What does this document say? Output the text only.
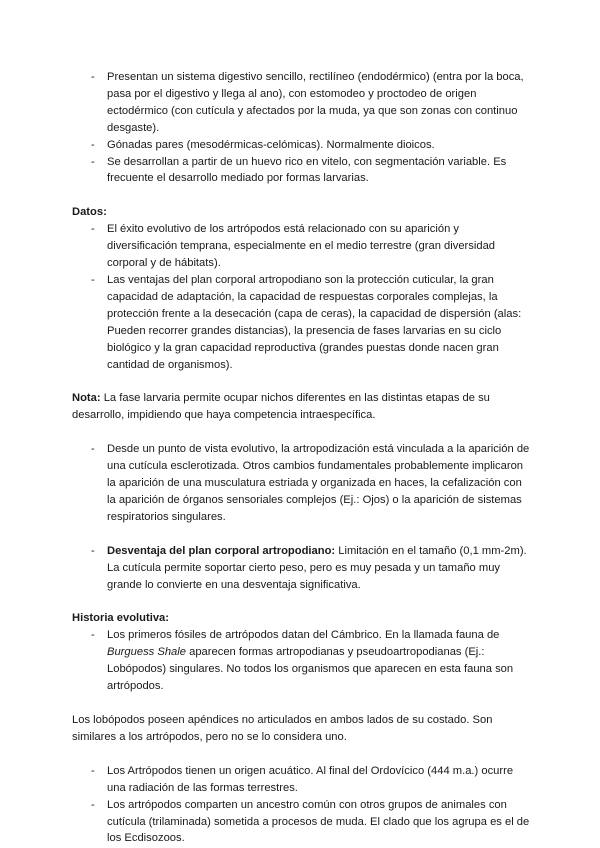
- Presentan un sistema digestivo sencillo, rectilíneo (endodérmico) (entra por la boca, pasa por el digestivo y llega al ano), con estomodeo y proctodeo de origen ectodérmico (con cutícula y afectados por la muda, ya que son zonas con continuo desgaste).
- Gónadas pares (mesodérmicas-celómicas). Normalmente dioicos.
- Se desarrollan a partir de un huevo rico en vitelo, con segmentación variable. Es frecuente el desarrollo mediado por formas larvarias.

Datos:

- El éxito evolutivo de los artrópodos está relacionado con su aparición y diversificación temprana, especialmente en el medio terrestre (gran diversidad corporal y de hábitats).
- Las ventajas del plan corporal artropodiano son la protección cuticular, la gran capacidad de adaptación, la capacidad de respuestas corporales complejas, la protección frente a la desecación (capa de ceras), la capacidad de dispersión (alas: Pueden recorrer grandes distancias), la presencia de fases larvarias en su ciclo biológico y la gran capacidad reproductiva (grandes puestas donde nacen gran cantidad de organismos).

Nota: La fase larvaria permite ocupar nichos diferentes en las distintas etapas de su desarrollo, impidiendo que haya competencia intraespecífica.

- Desde un punto de vista evolutivo, la artropodización está vinculada a la aparición de una cutícula esclerotizada. Otros cambios fundamentales probablemente implicaron la aparición de una musculatura estriada y organizada en haces, la cefalización con la aparición de órganos sensoriales complejos (Ej.: Ojos) o la aparición de sistemas respiratorios singulares.
- Desventaja del plan corporal artropodiano: Limitación en el tamaño (0,1 mm-2m). La cutícula permite soportar cierto peso, pero es muy pesada y un tamaño muy grande lo convierte en una desventaja significativa.

Historia evolutiva:

- Los primeros fósiles de artrópodos datan del Cámbrico. En la llamada fauna de Burguess Shale aparecen formas artropodianas y pseudoartropodianas (Ej.: Lobópodos) singulares. No todos los organismos que aparecen en esta fauna son artrópodos.

Los lobópodos poseen apéndices no articulados en ambos lados de su costado. Son similares a los artrópodos, pero no se lo considera uno.

- Los Artrópodos tienen un origen acuático. Al final del Ordovícico (444 m.a.) ocurre una radiación de las formas terrestres.
- Los artrópodos comparten un ancestro común con otros grupos de animales con cutícula (trilaminada) sometida a procesos de muda. El clado que los agrupa es el de los Ecdisozoos.
